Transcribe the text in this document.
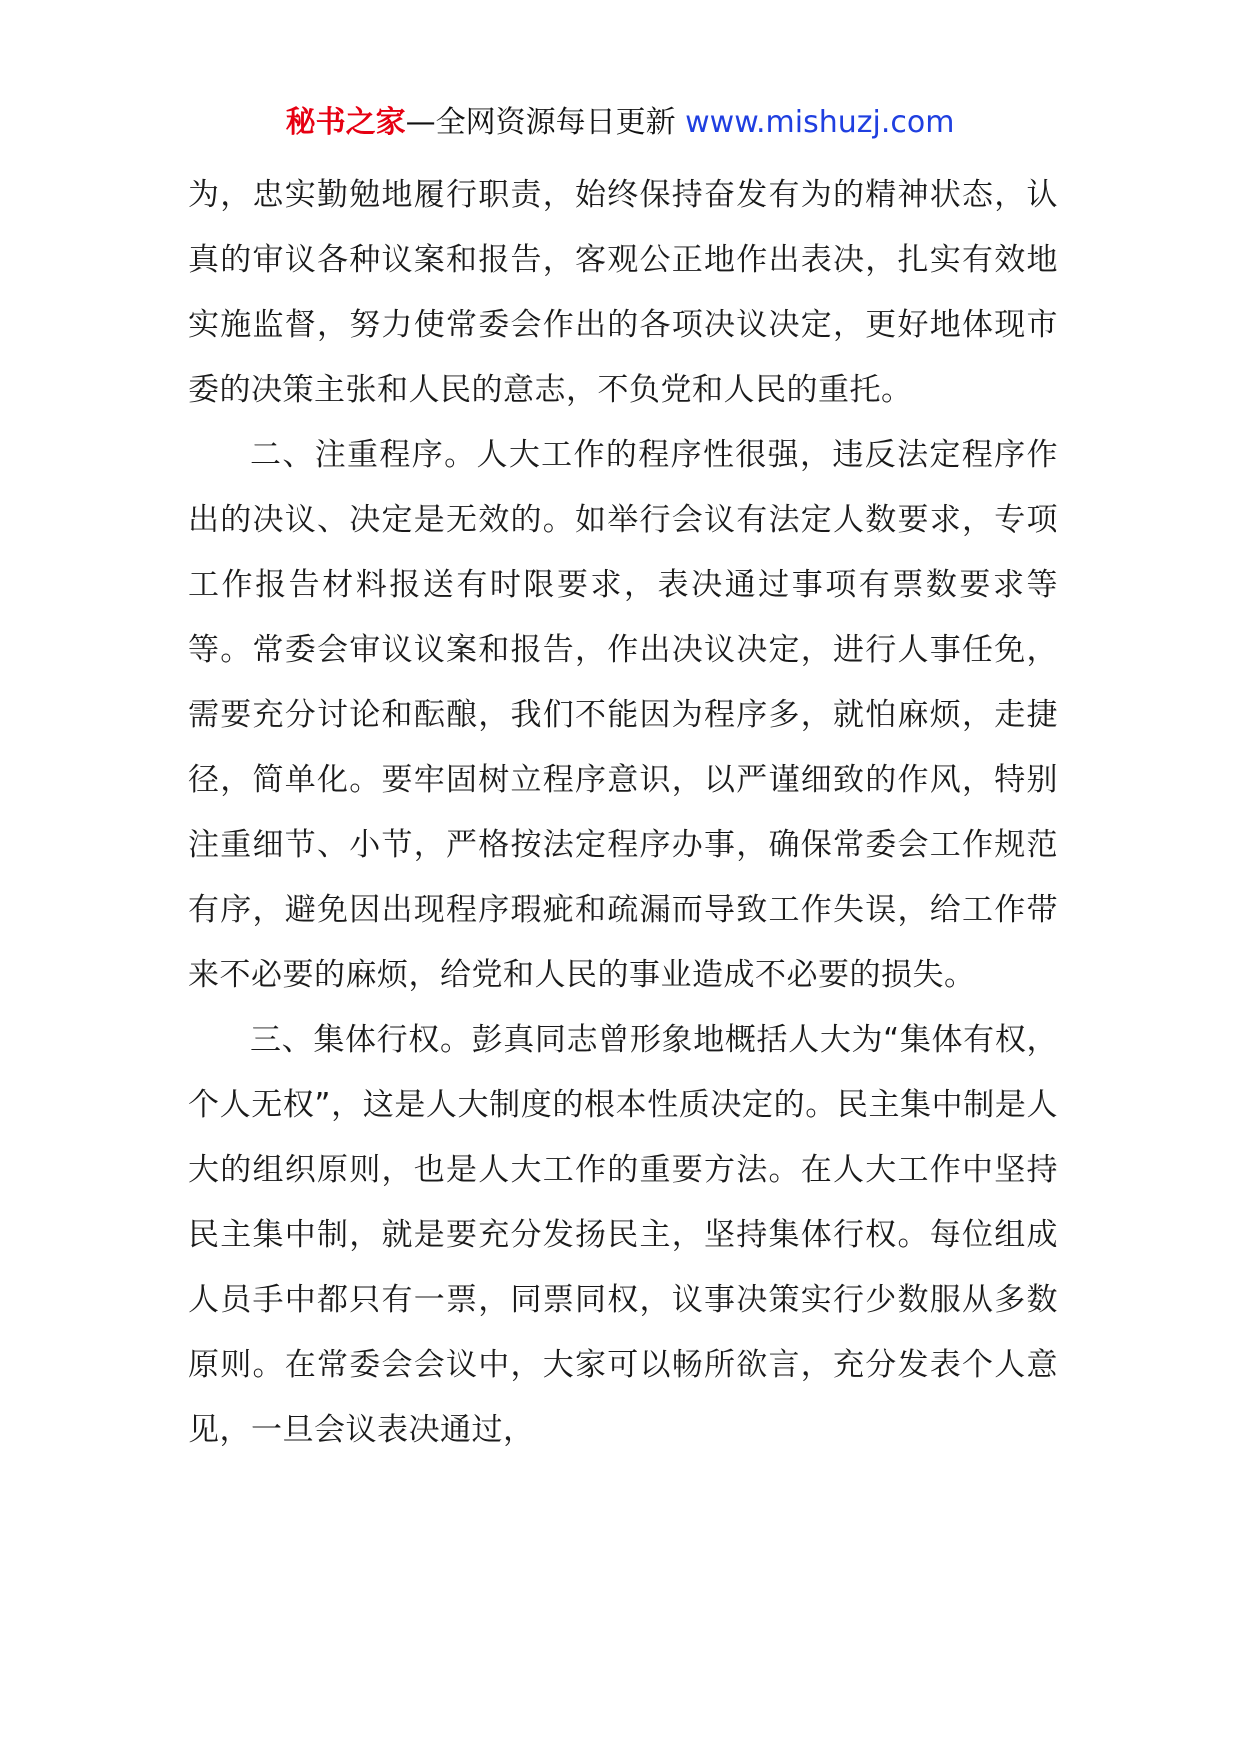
秘书之家—全网资源每日更新 www.mishuzj.com

为，忠实勤勉地履行职责，始终保持奋发有为的精神状态，认真的审议各种议案和报告，客观公正地作出表决，扎实有效地实施监督，努力使常委会作出的各项决议决定，更好地体现市委的决策主张和人民的意志，不负党和人民的重托。

二、注重程序。人大工作的程序性很强，违反法定程序作出的决议、决定是无效的。如举行会议有法定人数要求，专项工作报告材料报送有时限要求，表决通过事项有票数要求等等。常委会审议议案和报告，作出决议决定，进行人事任免，需要充分讨论和酝酿，我们不能因为程序多，就怕麻烦，走捷径，简单化。要牢固树立程序意识，以严谨细致的作风，特别注重细节、小节，严格按法定程序办事，确保常委会工作规范有序，避免因出现程序瑕疵和疏漏而导致工作失误，给工作带来不必要的麻烦，给党和人民的事业造成不必要的损失。

三、集体行权。彭真同志曾形象地概括人大为“集体有权，个人无权”，这是人大制度的根本性质决定的。民主集中制是人大的组织原则，也是人大工作的重要方法。在人大工作中坚持民主集中制，就是要充分发扬民主，坚持集体行权。每位组成人员手中都只有一票，同票同权，议事决策实行少数服从多数原则。在常委会会议中，大家可以畅所欲言，充分发表个人意见，一旦会议表决通过，
